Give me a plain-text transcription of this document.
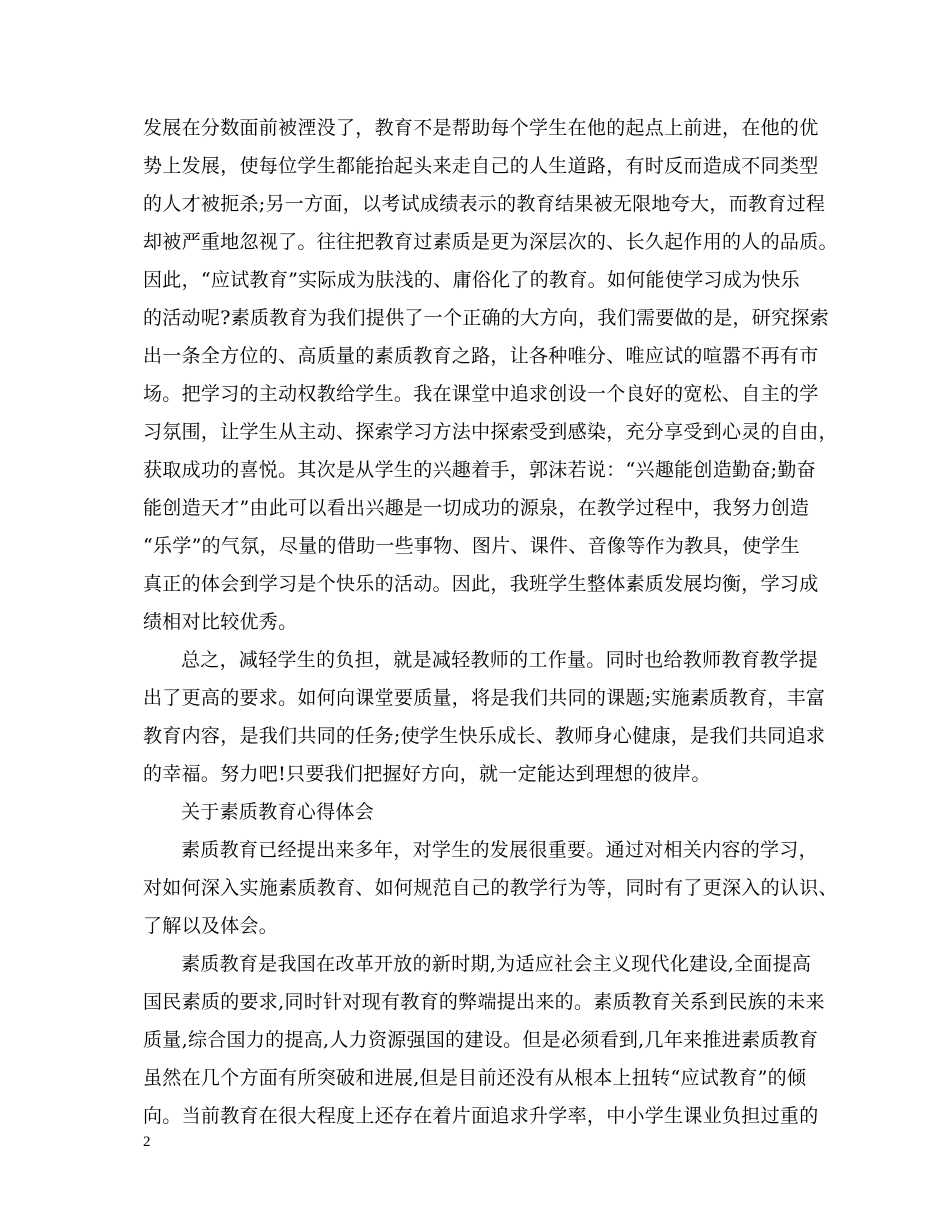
发展在分数面前被湮没了，教育不是帮助每个学生在他的起点上前进，在他的优
势上发展，使每位学生都能抬起头来走自己的人生道路，有时反而造成不同类型
的人才被扼杀;另一方面，以考试成绩表示的教育结果被无限地夸大，而教育过程
却被严重地忽视了。往往把教育过素质是更为深层次的、长久起作用的人的品质。
因此，“应试教育”实际成为肤浅的、庸俗化了的教育。如何能使学习成为快乐
的活动呢?素质教育为我们提供了一个正确的大方向，我们需要做的是，研究探索
出一条全方位的、高质量的素质教育之路，让各种唯分、唯应试的喧嚣不再有市
场。把学习的主动权教给学生。我在课堂中追求创设一个良好的宽松、自主的学
习氛围，让学生从主动、探索学习方法中探索受到感染，充分享受到心灵的自由，
获取成功的喜悦。其次是从学生的兴趣着手，郭沫若说：“兴趣能创造勤奋;勤奋
能创造天才”由此可以看出兴趣是一切成功的源泉，在教学过程中，我努力创造
“乐学”的气氛，尽量的借助一些事物、图片、课件、音像等作为教具，使学生
真正的体会到学习是个快乐的活动。因此，我班学生整体素质发展均衡，学习成
绩相对比较优秀。
总之，减轻学生的负担，就是减轻教师的工作量。同时也给教师教育教学提
出了更高的要求。如何向课堂要质量，将是我们共同的课题;实施素质教育，丰富
教育内容，是我们共同的任务;使学生快乐成长、教师身心健康，是我们共同追求
的幸福。努力吧!只要我们把握好方向，就一定能达到理想的彼岸。
关于素质教育心得体会
素质教育已经提出来多年，对学生的发展很重要。通过对相关内容的学习，
对如何深入实施素质教育、如何规范自己的教学行为等，同时有了更深入的认识、
了解以及体会。
素质教育是我国在改革开放的新时期,为适应社会主义现代化建设,全面提高
国民素质的要求,同时针对现有教育的弊端提出来的。素质教育关系到民族的未来
质量,综合国力的提高,人力资源强国的建设。但是必须看到,几年来推进素质教育
虽然在几个方面有所突破和进展,但是目前还没有从根本上扭转“应试教育”的倾
向。当前教育在很大程度上还存在着片面追求升学率，中小学生课业负担过重的
2
